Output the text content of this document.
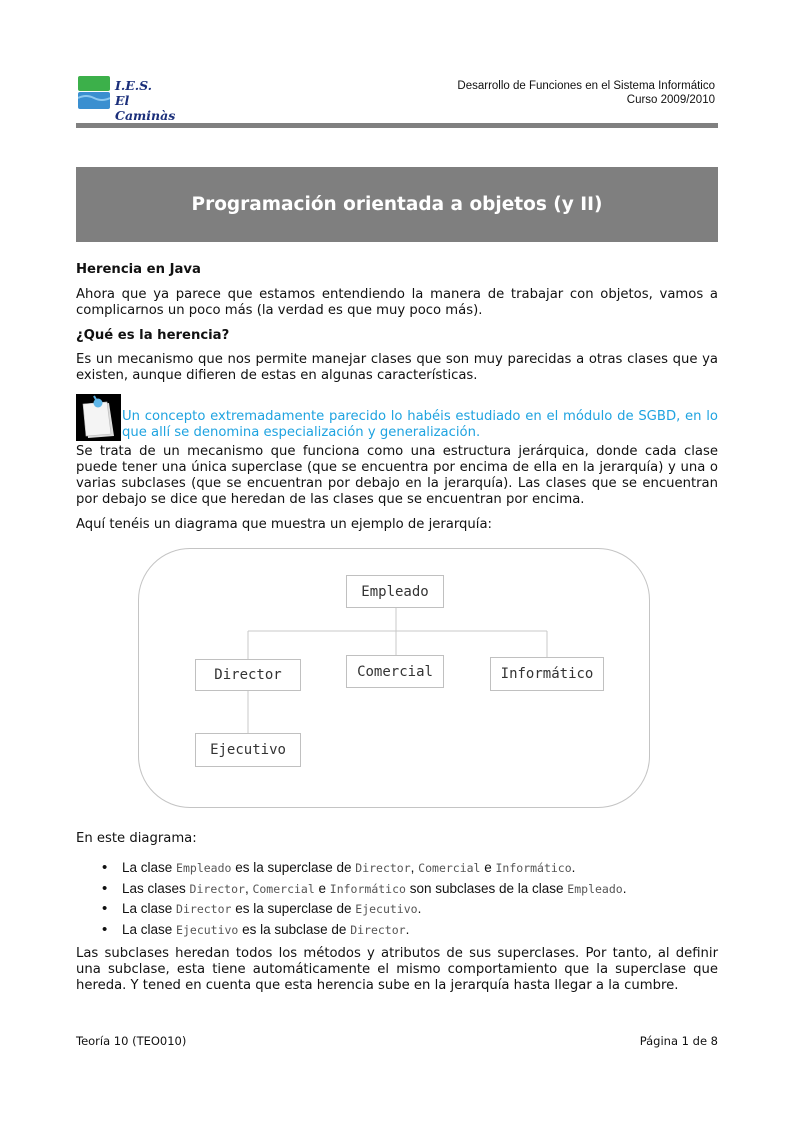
I.E.S.
El Caminàs
Desarrollo de Funciones en el Sistema Informático
Curso 2009/2010
Programación orientada a objetos (y II)

Herencia en Java

Ahora que ya parece que estamos entendiendo la manera de trabajar con objetos, vamos a complicarnos un poco más (la verdad es que muy poco más).

¿Qué es la herencia?

Es un mecanismo que nos permite manejar clases que son muy parecidas a otras clases que ya existen, aunque difieren de estas en algunas características.

Un concepto extremadamente parecido lo habéis estudiado en el módulo de SGBD, en lo que allí se denomina especialización y generalización.

Se trata de un mecanismo que funciona como una estructura jerárquica, donde cada clase puede tener una única superclase (que se encuentra por encima de ella en la jerarquía) y una o varias subclases (que se encuentran por debajo en la jerarquía). Las clases que se encuentran por debajo se dice que heredan de las clases que se encuentran por encima.

Aquí tenéis un diagrama que muestra un ejemplo de jerarquía:

Empleado
Director	Comercial	Informático
Ejecutivo

En este diagrama:

• La clase Empleado es la superclase de Director, Comercial e Informático.
• Las clases Director, Comercial e Informático son subclases de la clase Empleado.
• La clase Director es la superclase de Ejecutivo.
• La clase Ejecutivo es la subclase de Director.

Las subclases heredan todos los métodos y atributos de sus superclases. Por tanto, al definir una subclase, esta tiene automáticamente el mismo comportamiento que la superclase que hereda. Y tened en cuenta que esta herencia sube en la jerarquía hasta llegar a la cumbre.

Teoría 10 (TEO010)	Página 1 de 8
